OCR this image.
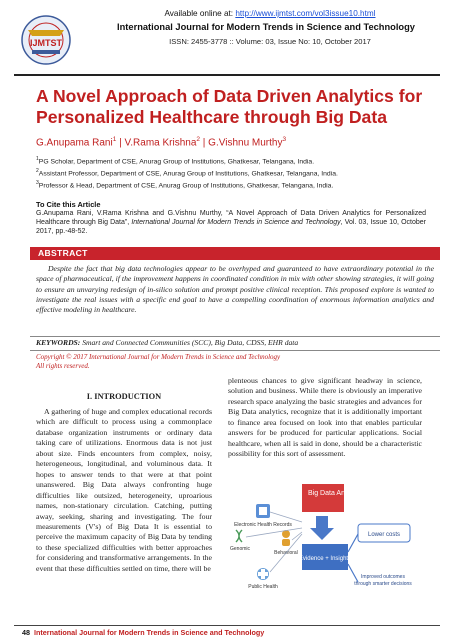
IJMTST
Available online at: http://www.ijmtst.com/vol3issue10.html
International Journal for Modern Trends in Science and Technology
ISSN: 2455-3778 :: Volume: 03, Issue No: 10, October 2017
A Novel Approach of Data Driven Analytics for Personalized Healthcare through Big Data
G.Anupama Rani$^1$ | V.Rama Krishna$^2$ | G.Vishnu Murthy$^3$
$^1$PG Scholar, Department of CSE, Anurag Group of Institutions, Ghatkesar, Telangana, India.
$^2$Assistant Professor, Department of CSE, Anurag Group of Institutions, Ghatkesar, Telangana, India.
$^3$Professor & Head, Department of CSE, Anurag Group of Institutions, Ghatkesar, Telangana, India.
To Cite this Article
G.Anupama Rani, V.Rama Krishna and G.Vishnu Murthy, “A Novel Approach of Data Driven Analytics for Personalized Healthcare through Big Data”, International Journal for Modern Trends in Science and Technology, Vol. 03, Issue 10, October 2017, pp.-48-52.
ABSTRACT
Despite the fact that big data technologies appear to be overhyped and guaranteed to have extraordinary potential in the space of pharmaceutical, if the improvement happens in coordinated condition in mix with other showing strategies, it will going to ensure an unvarying redesign of in-silico solution and prompt positive clinical reception. This proposed explore is wanted to investigate the real issues with a specific end goal to have a compelling coordination of enormous information analytics and effective modeling in healthcare.
KEYWORDS: Smart and Connected Communities (SCC), Big Data, CDSS, EHR data
Copyright © 2017 International Journal for Modern Trends in Science and Technology
All rights reserved.
I. INTRODUCTION
A gathering of huge and complex educational records which are difficult to process using a commonplace database organization instruments or ordinary data taking care of utilizations. Enormous data is not just about size. Finds encounters from complex, noisy, heterogeneous, longitudinal, and voluminous data. It hopes to answer tends to that were at that point unanswered. Big Data always confronting huge difficulties like outsized, heterogeneity, uproarious names, non-stationary circulation. Catching, putting away, seeking, sharing and investigating. The four measurements (V's) of Big Data It is essential to perceive the maximum capacity of Big Data by tending to these specialized difficulties with better approaches for considering and transformative arrangements. In the event that these difficulties settled on time, there will be
plenteous chances to give significant headway in science, solution and business. While there is obviously an imperative research space analyzing the basic strategies and advances for Big Data analytics, recognize that it is additionally important to finance area focused on look into that enables particular answers for be produced for particular applications. Social healthcare, when all is said in done, should be a characteristic possibility for this sort of assessment.
Electronic Health Records
Genomic
Behavioral
Public Health
Big Data Analytics
Evidence + Insights
Lower costs
Improved outcomes through smarter decisions
48 International Journal for Modern Trends in Science and Technology
